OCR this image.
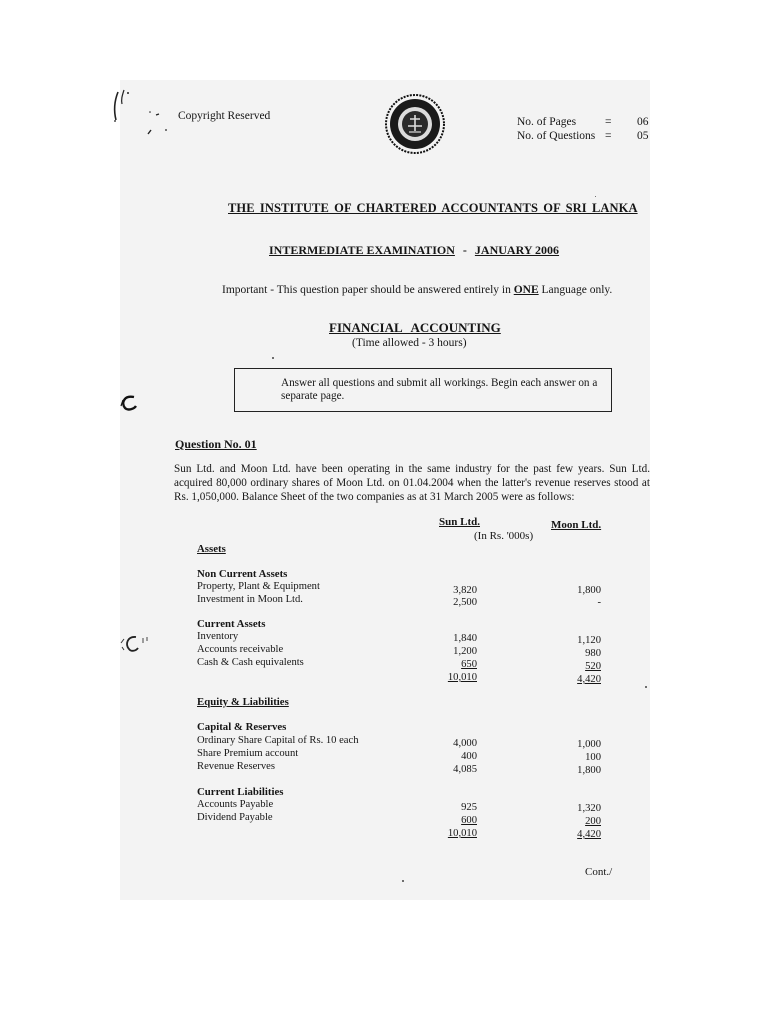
Copyright Reserved	No. of Pages	= 06
No. of Questions = 05
THE INSTITUTE OF CHARTERED ACCOUNTANTS OF SRI LANKA
INTERMEDIATE EXAMINATION - JANUARY 2006
Important - This question paper should be answered entirely in ONE Language only.
FINANCIAL ACCOUNTING
(Time allowed - 3 hours)
Answer all questions and submit all workings. Begin each answer on a separate page.
Question No. 01
Sun Ltd. and Moon Ltd. have been operating in the same industry for the past few years. Sun Ltd. acquired 80,000 ordinary shares of Moon Ltd. on 01.04.2004 when the latter's revenue reserves stood at Rs. 1,050,000. Balance Sheet of the two companies as at 31 March 2005 were as follows:
Sun Ltd.	Moon Ltd.
(In Rs. '000s)
Assets
Non Current Assets
Property, Plant & Equipment	3,820	1,800
Investment in Moon Ltd.	2,500	-
Current Assets
Inventory	1,840	1,120
Accounts receivable	1,200	980
Cash & Cash equivalents	650	520
10,010	4,420
Equity & Liabilities
Capital & Reserves
Ordinary Share Capital of Rs. 10 each	4,000	1,000
Share Premium account	400	100
Revenue Reserves	4,085	1,800
Current Liabilities
Accounts Payable	925	1,320
Dividend Payable	600	200
10,010	4,420
Cont./
